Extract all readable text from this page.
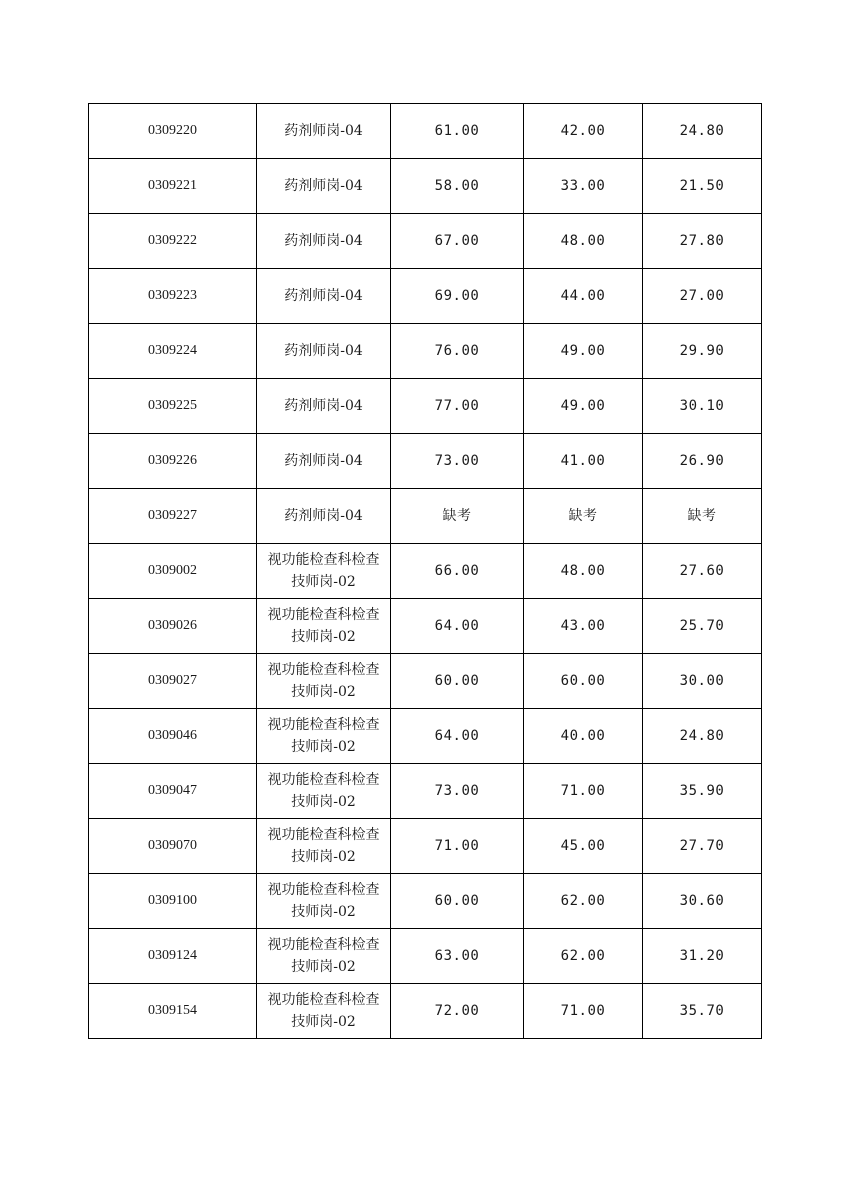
0309220	药剂师岗-04	61.00	42.00	24.80
0309221	药剂师岗-04	58.00	33.00	21.50
0309222	药剂师岗-04	67.00	48.00	27.80
0309223	药剂师岗-04	69.00	44.00	27.00
0309224	药剂师岗-04	76.00	49.00	29.90
0309225	药剂师岗-04	77.00	49.00	30.10
0309226	药剂师岗-04	73.00	41.00	26.90
0309227	药剂师岗-04	缺考	缺考	缺考
0309002	视功能检查科检查技师岗-02	66.00	48.00	27.60
0309026	视功能检查科检查技师岗-02	64.00	43.00	25.70
0309027	视功能检查科检查技师岗-02	60.00	60.00	30.00
0309046	视功能检查科检查技师岗-02	64.00	40.00	24.80
0309047	视功能检查科检查技师岗-02	73.00	71.00	35.90
0309070	视功能检查科检查技师岗-02	71.00	45.00	27.70
0309100	视功能检查科检查技师岗-02	60.00	62.00	30.60
0309124	视功能检查科检查技师岗-02	63.00	62.00	31.20
0309154	视功能检查科检查技师岗-02	72.00	71.00	35.70
